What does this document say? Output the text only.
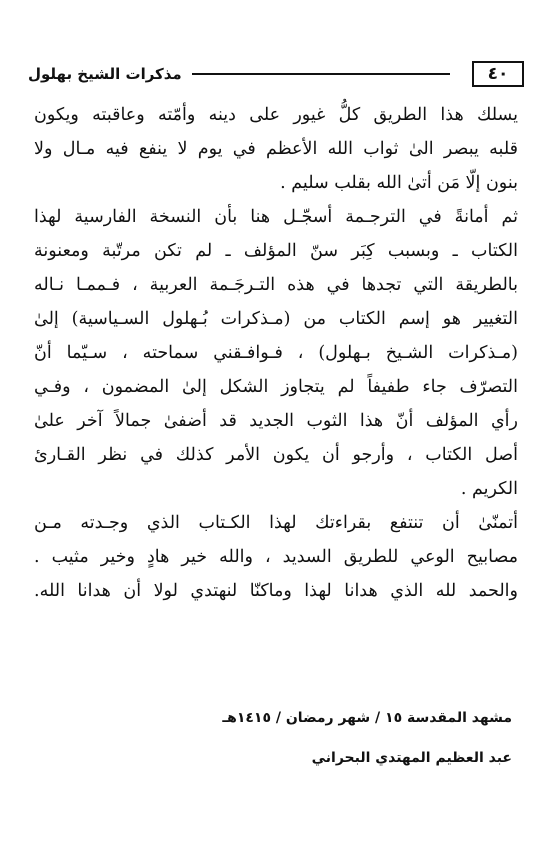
٤٠
مذكرات الشيخ بهلول
يسلك هذا الطريق كلُّ غيور على دينه وأمّته وعاقبته ويكون
قلبه يبصر الىٰ ثواب الله الأعظم في يوم لا ينفع فيه مـال ولا
بنون إلّا مَن أتىٰ الله بقلب سليم .
ثم أمانةً في الترجـمة أسجّـل هنا بأن النسخة الفارسية لهذا
الكتاب ـ وبسبب كِبَر سنّ المؤلف ـ لم تكن مرتّبة ومعنونة
بالطريقة التي تجدها في هذه التـرجَـمة العربية ، فـممـا نـاله
التغيير هو إسم الكتاب من (مـذكرات بُـهلول السـياسية) إلىٰ
(مـذكرات الشـيخ بـهلول) ، فـوافـقني سماحته ، سـيّما أنّ
التصرّف جاء طفيفاً لم يتجاوز الشكل إلىٰ المضمون ، وفـي
رأي المؤلف أنّ هذا الثوب الجديد قد أضفىٰ جمالاً آخر علىٰ
أصل الكتاب ، وأرجو أن يكون الأمر كذلك في نظر القـارئ
الكريم .
أتمنّىٰ أن تنتفع بقراءتك لهذا الكـتاب الذي وجـدته مـن
مصابيح الوعي للطريق السديد ، والله خير هادٍ وخير مثيب .
والحمد لله الذي هدانا لهذا وماكنّا لنهتدي لولا أن هدانا الله.
مشهد المقدسة ١٥ / شهر رمضان / ١٤١٥هـ
عبد العظيم المهتدي البحراني
